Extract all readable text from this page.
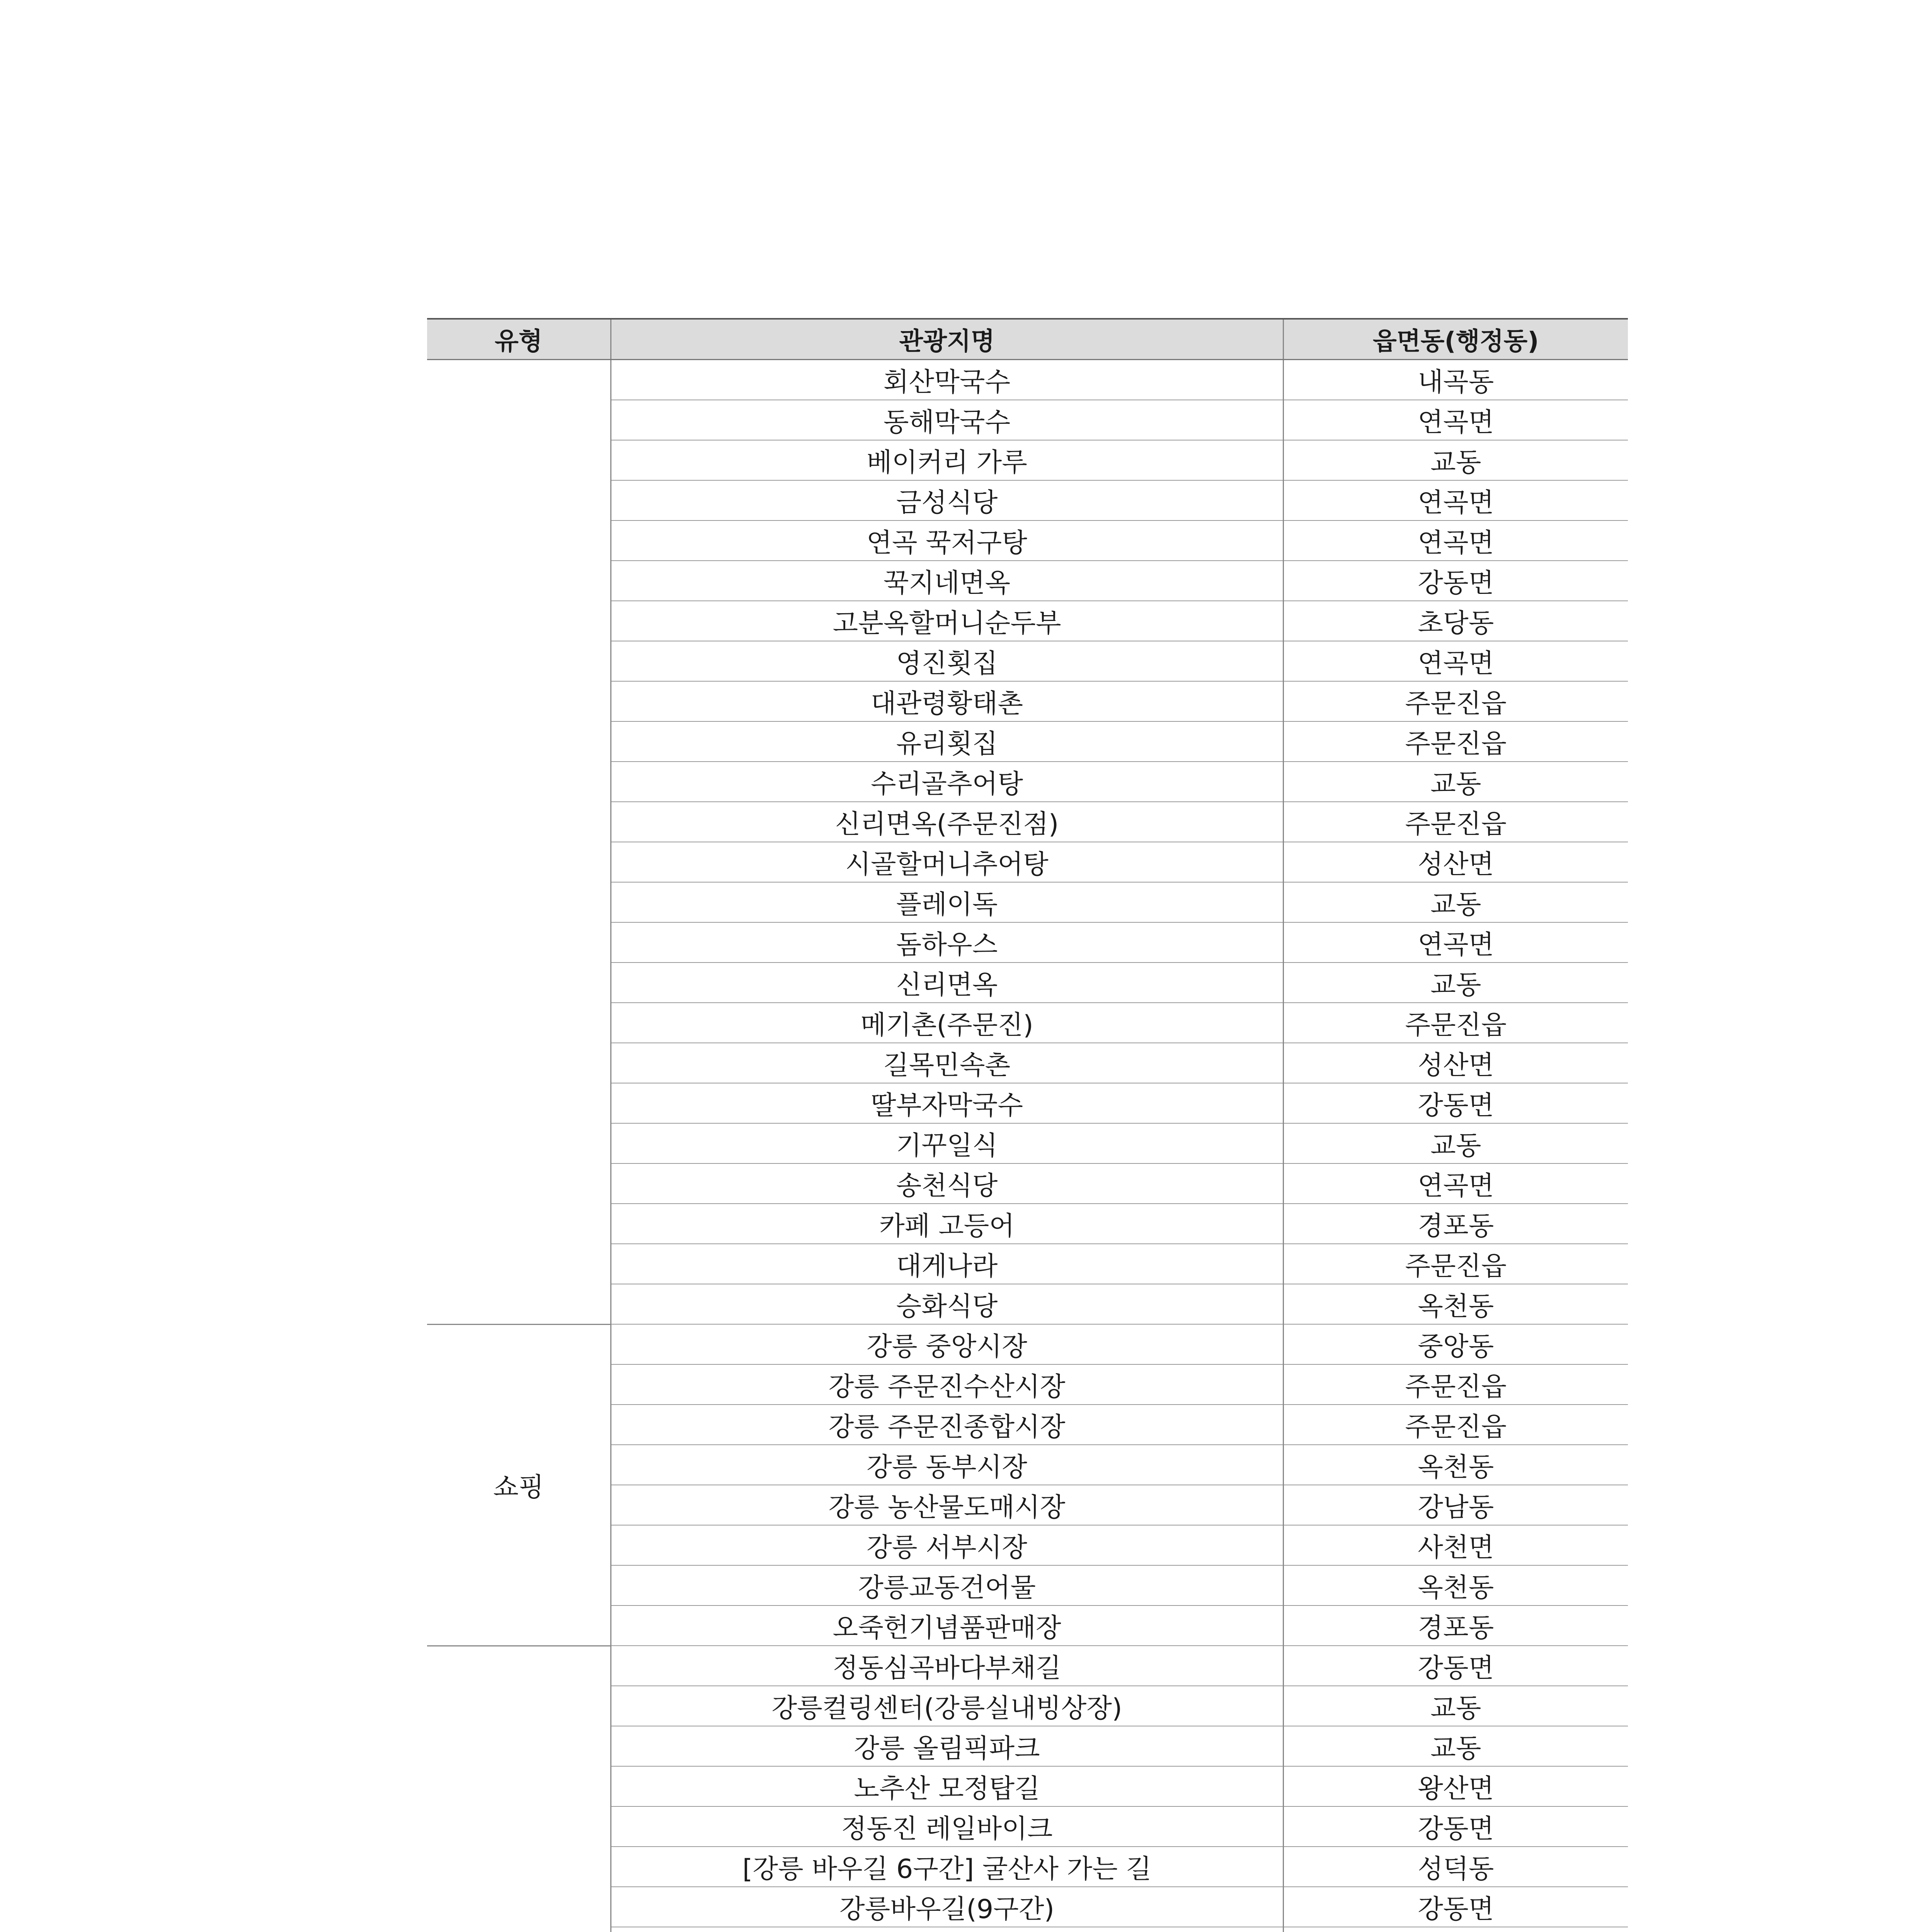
유형	관광지명	읍면동(행정동)
	회산막국수	내곡동
	동해막국수	연곡면
	베이커리 가루	교동
	금성식당	연곡면
	연곡 꾹저구탕	연곡면
	꾹지네면옥	강동면
	고분옥할머니순두부	초당동
	영진횟집	연곡면
	대관령황태촌	주문진읍
	유리횟집	주문진읍
	수리골추어탕	교동
	신리면옥(주문진점)	주문진읍
	시골할머니추어탕	성산면
	플레이독	교동
	돔하우스	연곡면
	신리면옥	교동
	메기촌(주문진)	주문진읍
	길목민속촌	성산면
	딸부자막국수	강동면
	기꾸일식	교동
	송천식당	연곡면
	카페 고등어	경포동
	대게나라	주문진읍
	승화식당	옥천동
쇼핑	강릉 중앙시장	중앙동
	강릉 주문진수산시장	주문진읍
	강릉 주문진종합시장	주문진읍
	강릉 동부시장	옥천동
	강릉 농산물도매시장	강남동
	강릉 서부시장	사천면
	강릉교동건어물	옥천동
	오죽헌기념품판매장	경포동
	정동심곡바다부채길	강동면
	강릉컬링센터(강릉실내빙상장)	교동
	강릉 올림픽파크	교동
	노추산 모정탑길	왕산면
	정동진 레일바이크	강동면
	[강릉 바우길 6구간] 굴산사 가는 길	성덕동
	강릉바우길(9구간)	강동면
